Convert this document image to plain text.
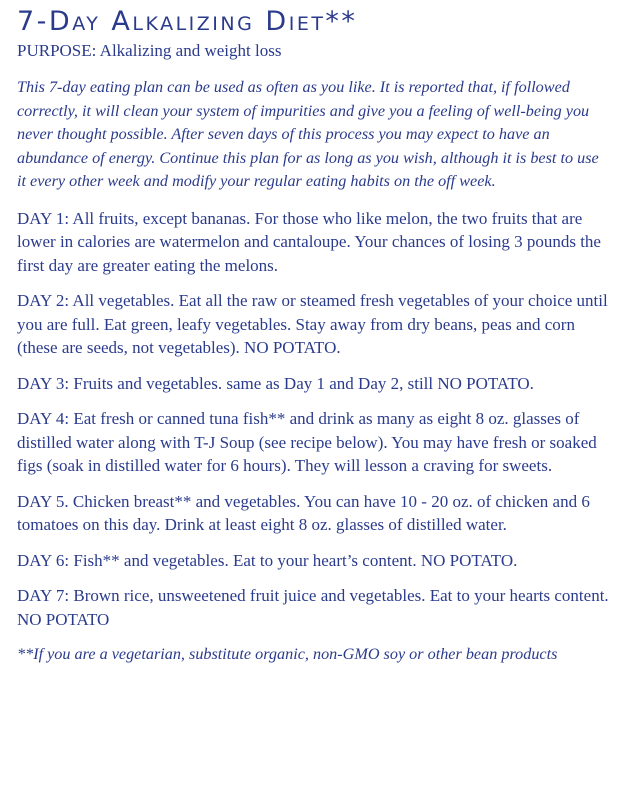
7-Day Alkalizing Diet**

PURPOSE: Alkalizing and weight loss

This 7-day eating plan can be used as often as you like. It is reported that, if followed correctly, it will clean your system of impurities and give you a feeling of well-being you never thought possible. After seven days of this process you may expect to have an abundance of energy. Continue this plan for as long as you wish, although it is best to use it every other week and modify your regular eating habits on the off week.

DAY 1: All fruits, except bananas. For those who like melon, the two fruits that are lower in calories are watermelon and cantaloupe. Your chances of losing 3 pounds the first day are greater eating the melons.

DAY 2: All vegetables. Eat all the raw or steamed fresh vegetables of your choice until you are full. Eat green, leafy vegetables. Stay away from dry beans, peas and corn (these are seeds, not vegetables). NO POTATO.

DAY 3: Fruits and vegetables. same as Day 1 and Day 2, still NO POTATO.

DAY 4: Eat fresh or canned tuna fish** and drink as many as eight 8 oz. glasses of distilled water along with T-J Soup (see recipe below). You may have fresh or soaked figs (soak in distilled water for 6 hours). They will lesson a craving for sweets.

DAY 5. Chicken breast** and vegetables. You can have 10 - 20 oz. of chicken and 6 tomatoes on this day. Drink at least eight 8 oz. glasses of distilled water.

DAY 6: Fish** and vegetables. Eat to your heart’s content. NO POTATO.

DAY 7: Brown rice, unsweetened fruit juice and vegetables. Eat to your hearts content. NO POTATO

**If you are a vegetarian, substitute organic, non-GMO soy or other bean products
